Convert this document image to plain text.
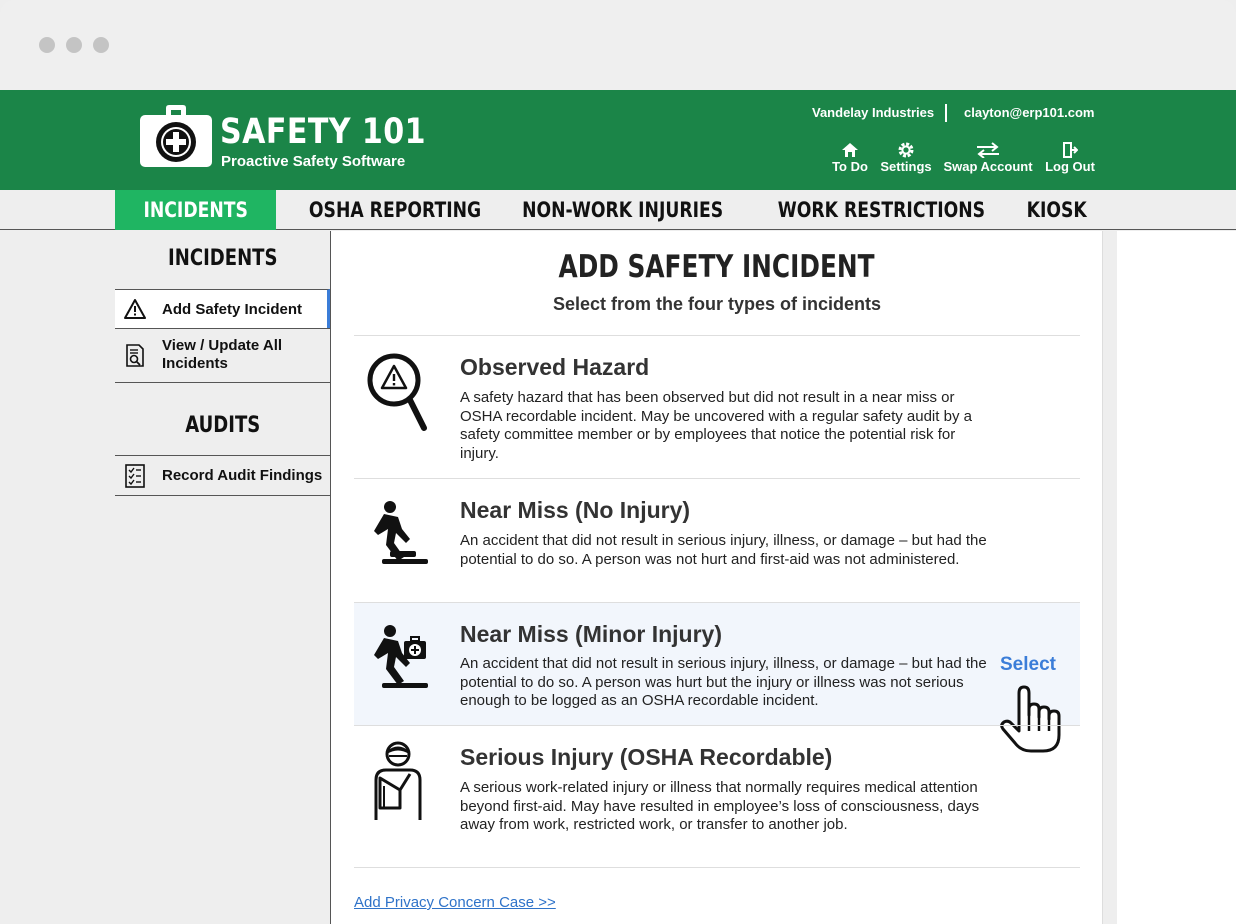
SAFETY 101
Proactive Safety Software
Vandelay Industries clayton@erp101.com
To Do Settings Swap Account Log Out
INCIDENTS	OSHA REPORTING	NON-WORK INJURIES	WORK RESTRICTIONS	KIOSK
INCIDENTS
Add Safety Incident
View / Update All Incidents
AUDITS
Record Audit Findings
ADD SAFETY INCIDENT
Select from the four types of incidents
Observed Hazard
A safety hazard that has been observed but did not result in a near miss or OSHA recordable incident. May be uncovered with a regular safety audit by a safety committee member or by employees that notice the potential risk for injury.
Near Miss (No Injury)
An accident that did not result in serious injury, illness, or damage – but had the potential to do so. A person was not hurt and first-aid was not administered.
Near Miss (Minor Injury)
An accident that did not result in serious injury, illness, or damage – but had the potential to do so. A person was hurt but the injury or illness was not serious enough to be logged as an OSHA recordable incident.
Select
Serious Injury (OSHA Recordable)
A serious work-related injury or illness that normally requires medical attention beyond first-aid. May have resulted in employee’s loss of consciousness, days away from work, restricted work, or transfer to another job.
Add Privacy Concern Case >>
